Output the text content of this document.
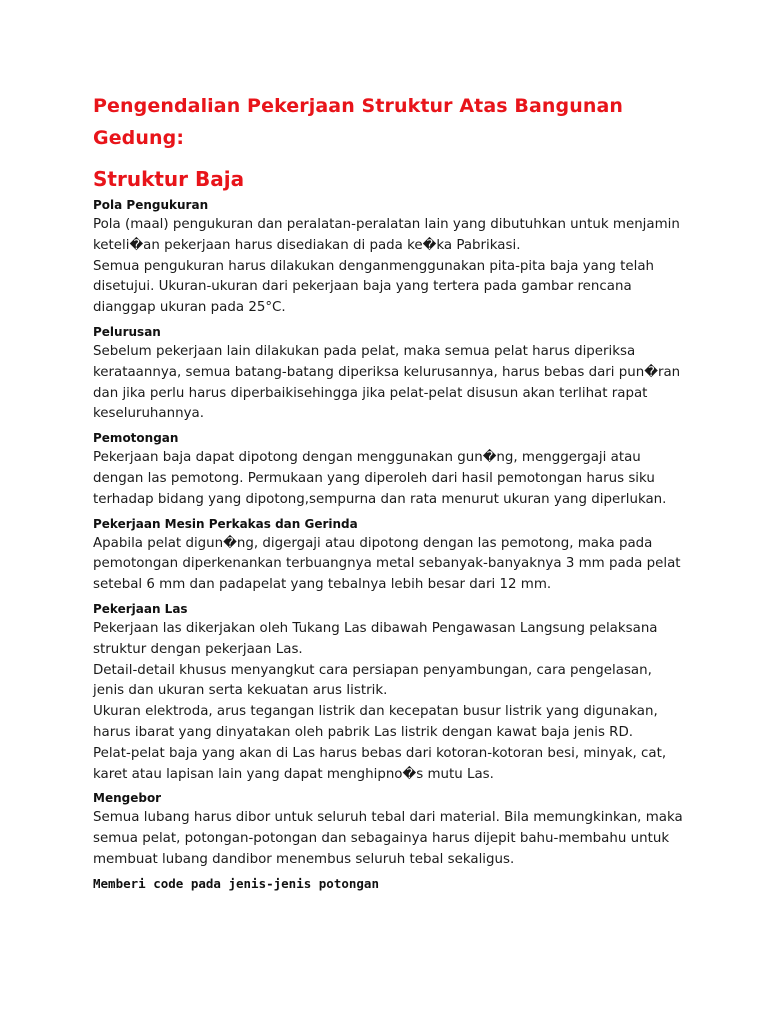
Pengendalian Pekerjaan Struktur Atas Bangunan Gedung:
Struktur Baja
Pola Pengukuran

Pola (maal) pengukuran dan peralatan-peralatan lain yang dibutuhkan untuk menjamin keteli�an pekerjaan harus disediakan di pada ke�ka Pabrikasi.

Semua pengukuran harus dilakukan denganmenggunakan pita-pita baja yang telah disetujui. Ukuran-ukuran dari pekerjaan baja yang tertera pada gambar rencana dianggap ukuran pada 25°C.

Pelurusan

Sebelum pekerjaan lain dilakukan pada pelat, maka semua pelat harus diperiksa kerataannya, semua batang-batang diperiksa kelurusannya, harus bebas dari pun�ran dan jika perlu harus diperbaikisehingga jika pelat-pelat disusun akan terlihat rapat keseluruhannya.

Pemotongan

Pekerjaan baja dapat dipotong dengan menggunakan gun�ng, menggergaji atau dengan las pemotong. Permukaan yang diperoleh dari hasil pemotongan harus siku terhadap bidang yang dipotong,sempurna dan rata menurut ukuran yang diperlukan.

Pekerjaan Mesin Perkakas dan Gerinda

Apabila pelat digun�ng, digergaji atau dipotong dengan las pemotong, maka pada pemotongan diperkenankan terbuangnya metal sebanyak-banyaknya 3 mm pada pelat setebal 6 mm dan padapelat yang tebalnya lebih besar dari 12 mm.

Pekerjaan Las

Pekerjaan las dikerjakan oleh Tukang Las dibawah Pengawasan Langsung pelaksana struktur dengan pekerjaan Las.

Detail-detail khusus menyangkut cara persiapan penyambungan, cara pengelasan, jenis dan ukuran serta kekuatan arus Iistrik.

Ukuran elektroda, arus tegangan listrik dan kecepatan busur listrik yang digunakan, harus ibarat yang dinyatakan oleh pabrik Las listrik dengan kawat baja jenis RD.

Pelat-pelat baja yang akan di Las harus bebas dari kotoran-kotoran besi, minyak, cat, karet atau lapisan lain yang dapat menghipno�s mutu Las.

Mengebor

Semua lubang harus dibor untuk seluruh tebal dari material. Bila memungkinkan, maka semua pelat, potongan-potongan dan sebagainya harus dijepit bahu-membahu untuk membuat lubang dandibor menembus seluruh tebal sekaligus.

Memberi code pada jenis-jenis potongan
